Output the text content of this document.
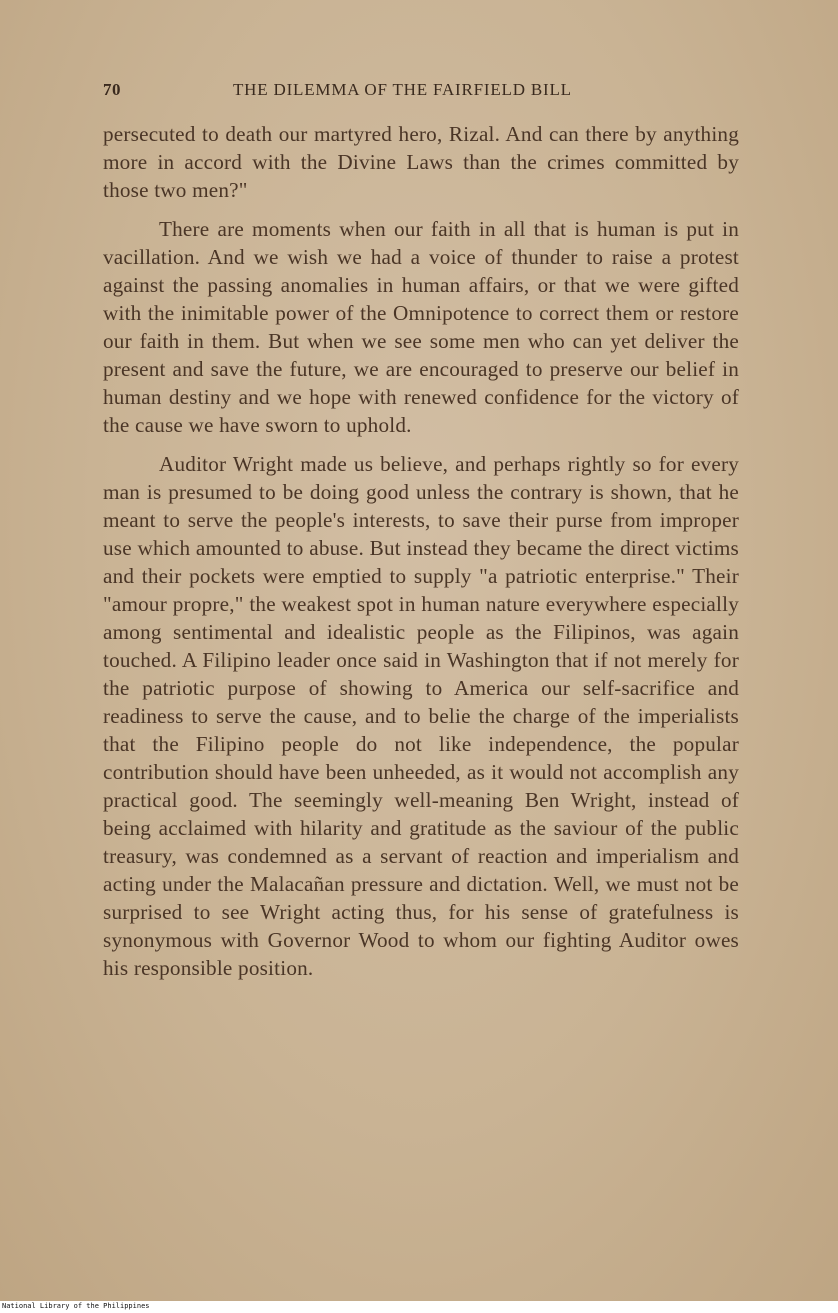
70	THE DILEMMA OF THE FAIRFIELD BILL

persecuted to death our martyred hero, Rizal. And can there by anything more in accord with the Divine Laws than the crimes committed by those two men?"

There are moments when our faith in all that is human is put in vacillation. And we wish we had a voice of thunder to raise a protest against the passing anomalies in human affairs, or that we were gifted with the inimitable power of the Omnipotence to correct them or restore our faith in them. But when we see some men who can yet deliver the present and save the future, we are encouraged to preserve our belief in human destiny and we hope with renewed confidence for the victory of the cause we have sworn to uphold.

Auditor Wright made us believe, and perhaps rightly so for every man is presumed to be doing good unless the contrary is shown, that he meant to serve the people's interests, to save their purse from improper use which amounted to abuse. But instead they became the direct victims and their pockets were emptied to supply "a patriotic enterprise." Their "amour propre," the weakest spot in human nature everywhere especially among sentimental and idealistic people as the Filipinos, was again touched. A Filipino leader once said in Washington that if not merely for the patriotic purpose of showing to America our self-sacrifice and readiness to serve the cause, and to belie the charge of the imperialists that the Filipino people do not like independence, the popular contribution should have been unheeded, as it would not accomplish any practical good. The seemingly well-meaning Ben Wright, instead of being acclaimed with hilarity and gratitude as the saviour of the public treasury, was condemned as a servant of reaction and imperialism and acting under the Malacañan pressure and dictation. Well, we must not be surprised to see Wright acting thus, for his sense of gratefulness is synonymous with Governor Wood to whom our fighting Auditor owes his responsible position.

National Library of the Philippines
